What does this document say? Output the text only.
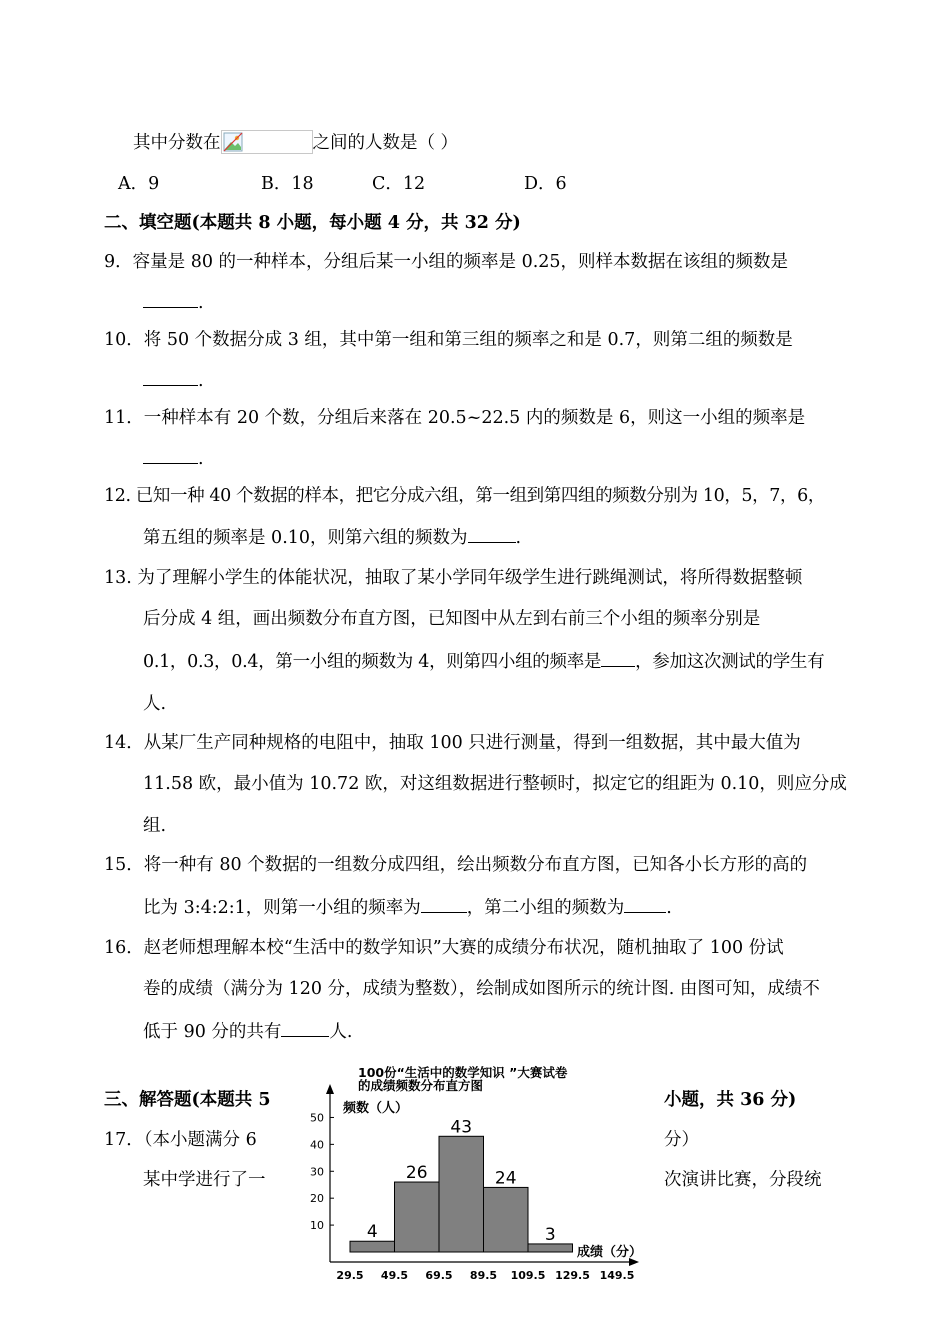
其中分数在	之间的人数是（ ）
A．9	B．18	C．12	D．6
二、填空题(本题共 8 小题，每小题 4 分，共 32 分)
9．容量是 80 的一种样本，分组后某一小组的频率是 0.25，则样本数据在该组的频数是
.
10．将 50 个数据分成 3 组，其中第一组和第三组的频率之和是 0.7，则第二组的频数是
.
11．一种样本有 20 个数，分组后来落在 20.5~22.5 内的频数是 6，则这一小组的频率是
.
12. 已知一种 40 个数据的样本，把它分成六组，第一组到第四组的频数分别为 10，5，7，6，
第五组的频率是 0.10，则第六组的频数为	.
13. 为了理解小学生的体能状况，抽取了某小学同年级学生进行跳绳测试，将所得数据整顿
后分成 4 组，画出频数分布直方图，已知图中从左到右前三个小组的频率分别是
0.1，0.3，0.4，第一小组的频数为 4，则第四小组的频率是 ，参加这次测试的学生有
人.
14．从某厂生产同种规格的电阻中，抽取 100 只进行测量，得到一组数据，其中最大值为
11.58 欧，最小值为 10.72 欧，对这组数据进行整顿时，拟定它的组距为 0.10，则应分成
组.
15．将一种有 80 个数据的一组数分成四组，绘出频数分布直方图，已知各小长方形的高的
比为 3:4:2:1，则第一小组的频率为	，第二小组的频数为 .
16．赵老师想理解本校“生活中的数学知识”大赛的成绩分布状况，随机抽取了 100 份试
卷的成绩（满分为 120 分，成绩为整数），绘制成如图所示的统计图. 由图可知，成绩不
低于 90 分的共有	人.
三、解答题(本题共 5	小题，共 36 分)
17．（本小题满分 6	分）
某中学进行了一	次演讲比赛，分段统
100份“生活中的数学知识 ”大赛试卷
的成绩频数分布直方图
频数（人）
10
20
30
40
50
4
26
43
24
3
成绩（分）
29.5 49.5 69.5 89.5 109.5 129.5 149.5
